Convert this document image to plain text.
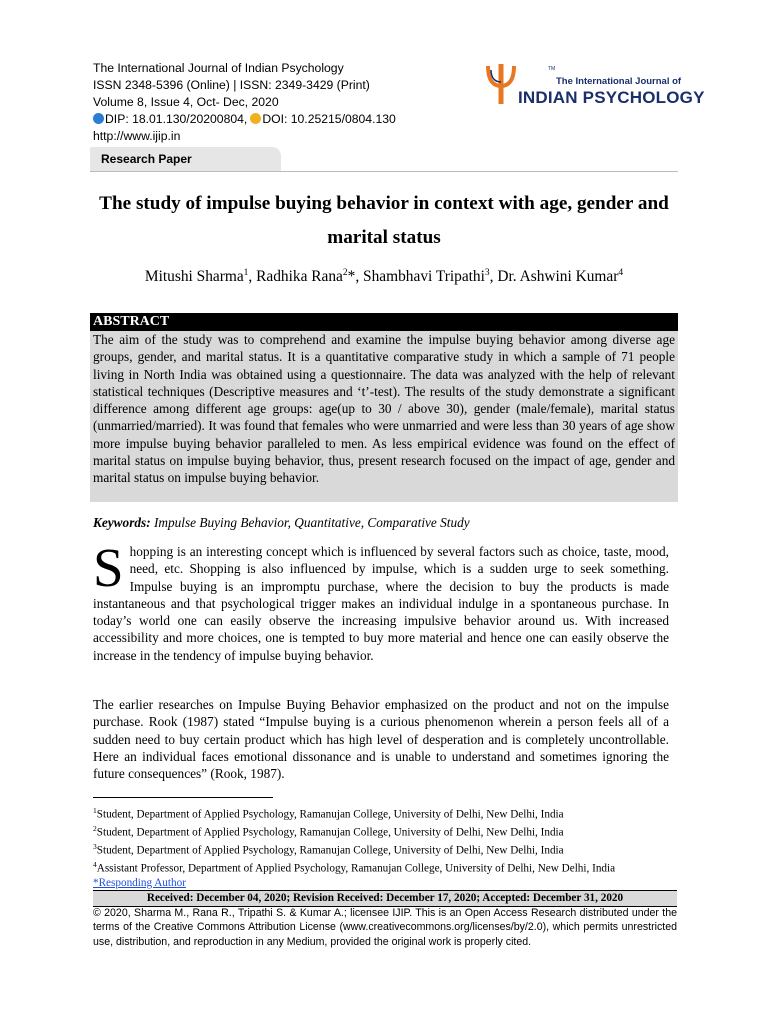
The International Journal of Indian Psychology
ISSN 2348-5396 (Online) | ISSN: 2349-3429 (Print)
Volume 8, Issue 4, Oct- Dec, 2020
DIP: 18.01.130/20200804, DOI: 10.25215/0804.130
http://www.ijip.in
The International Journal of
TM
INDIAN PSYCHOLOGY
Research Paper
The study of impulse buying behavior in context with age, gender and marital status
Mitushi Sharma$^1$, Radhika Rana$^2$*, Shambhavi Tripathi$^3$, Dr. Ashwini Kumar$^4$
ABSTRACT
The aim of the study was to comprehend and examine the impulse buying behavior among diverse age groups, gender, and marital status. It is a quantitative comparative study in which a sample of 71 people living in North India was obtained using a questionnaire. The data was analyzed with the help of relevant statistical techniques (Descriptive measures and ‘t’-test). The results of the study demonstrate a significant difference among different age groups: age(up to 30 / above 30), gender (male/female), marital status (unmarried/married). It was found that females who were unmarried and were less than 30 years of age show more impulse buying behavior paralleled to men. As less empirical evidence was found on the effect of marital status on impulse buying behavior, thus, present research focused on the impact of age, gender and marital status on impulse buying behavior.
Keywords: Impulse Buying Behavior, Quantitative, Comparative Study
Shopping is an interesting concept which is influenced by several factors such as choice, taste, mood, need, etc. Shopping is also influenced by impulse, which is a sudden urge to seek something. Impulse buying is an impromptu purchase, where the decision to buy the products is made instantaneous and that psychological trigger makes an individual indulge in a spontaneous purchase. In today’s world one can easily observe the increasing impulsive behavior around us. With increased accessibility and more choices, one is tempted to buy more material and hence one can easily observe the increase in the tendency of impulse buying behavior.
The earlier researches on Impulse Buying Behavior emphasized on the product and not on the impulse purchase. Rook (1987) stated “Impulse buying is a curious phenomenon wherein a person feels all of a sudden need to buy certain product which has high level of desperation and is completely uncontrollable. Here an individual faces emotional dissonance and is unable to understand and sometimes ignoring the future consequences” (Rook, 1987).
$^1$Student, Department of Applied Psychology, Ramanujan College, University of Delhi, New Delhi, India
$^2$Student, Department of Applied Psychology, Ramanujan College, University of Delhi, New Delhi, India
$^3$Student, Department of Applied Psychology, Ramanujan College, University of Delhi, New Delhi, India
$^4$Assistant Professor, Department of Applied Psychology, Ramanujan College, University of Delhi, New Delhi, India
*Responding Author
Received: December 04, 2020; Revision Received: December 17, 2020; Accepted: December 31, 2020
© 2020, Sharma M., Rana R., Tripathi S. & Kumar A.; licensee IJIP. This is an Open Access Research distributed under the terms of the Creative Commons Attribution License (www.creativecommons.org/licenses/by/2.0), which permits unrestricted use, distribution, and reproduction in any Medium, provided the original work is properly cited.
